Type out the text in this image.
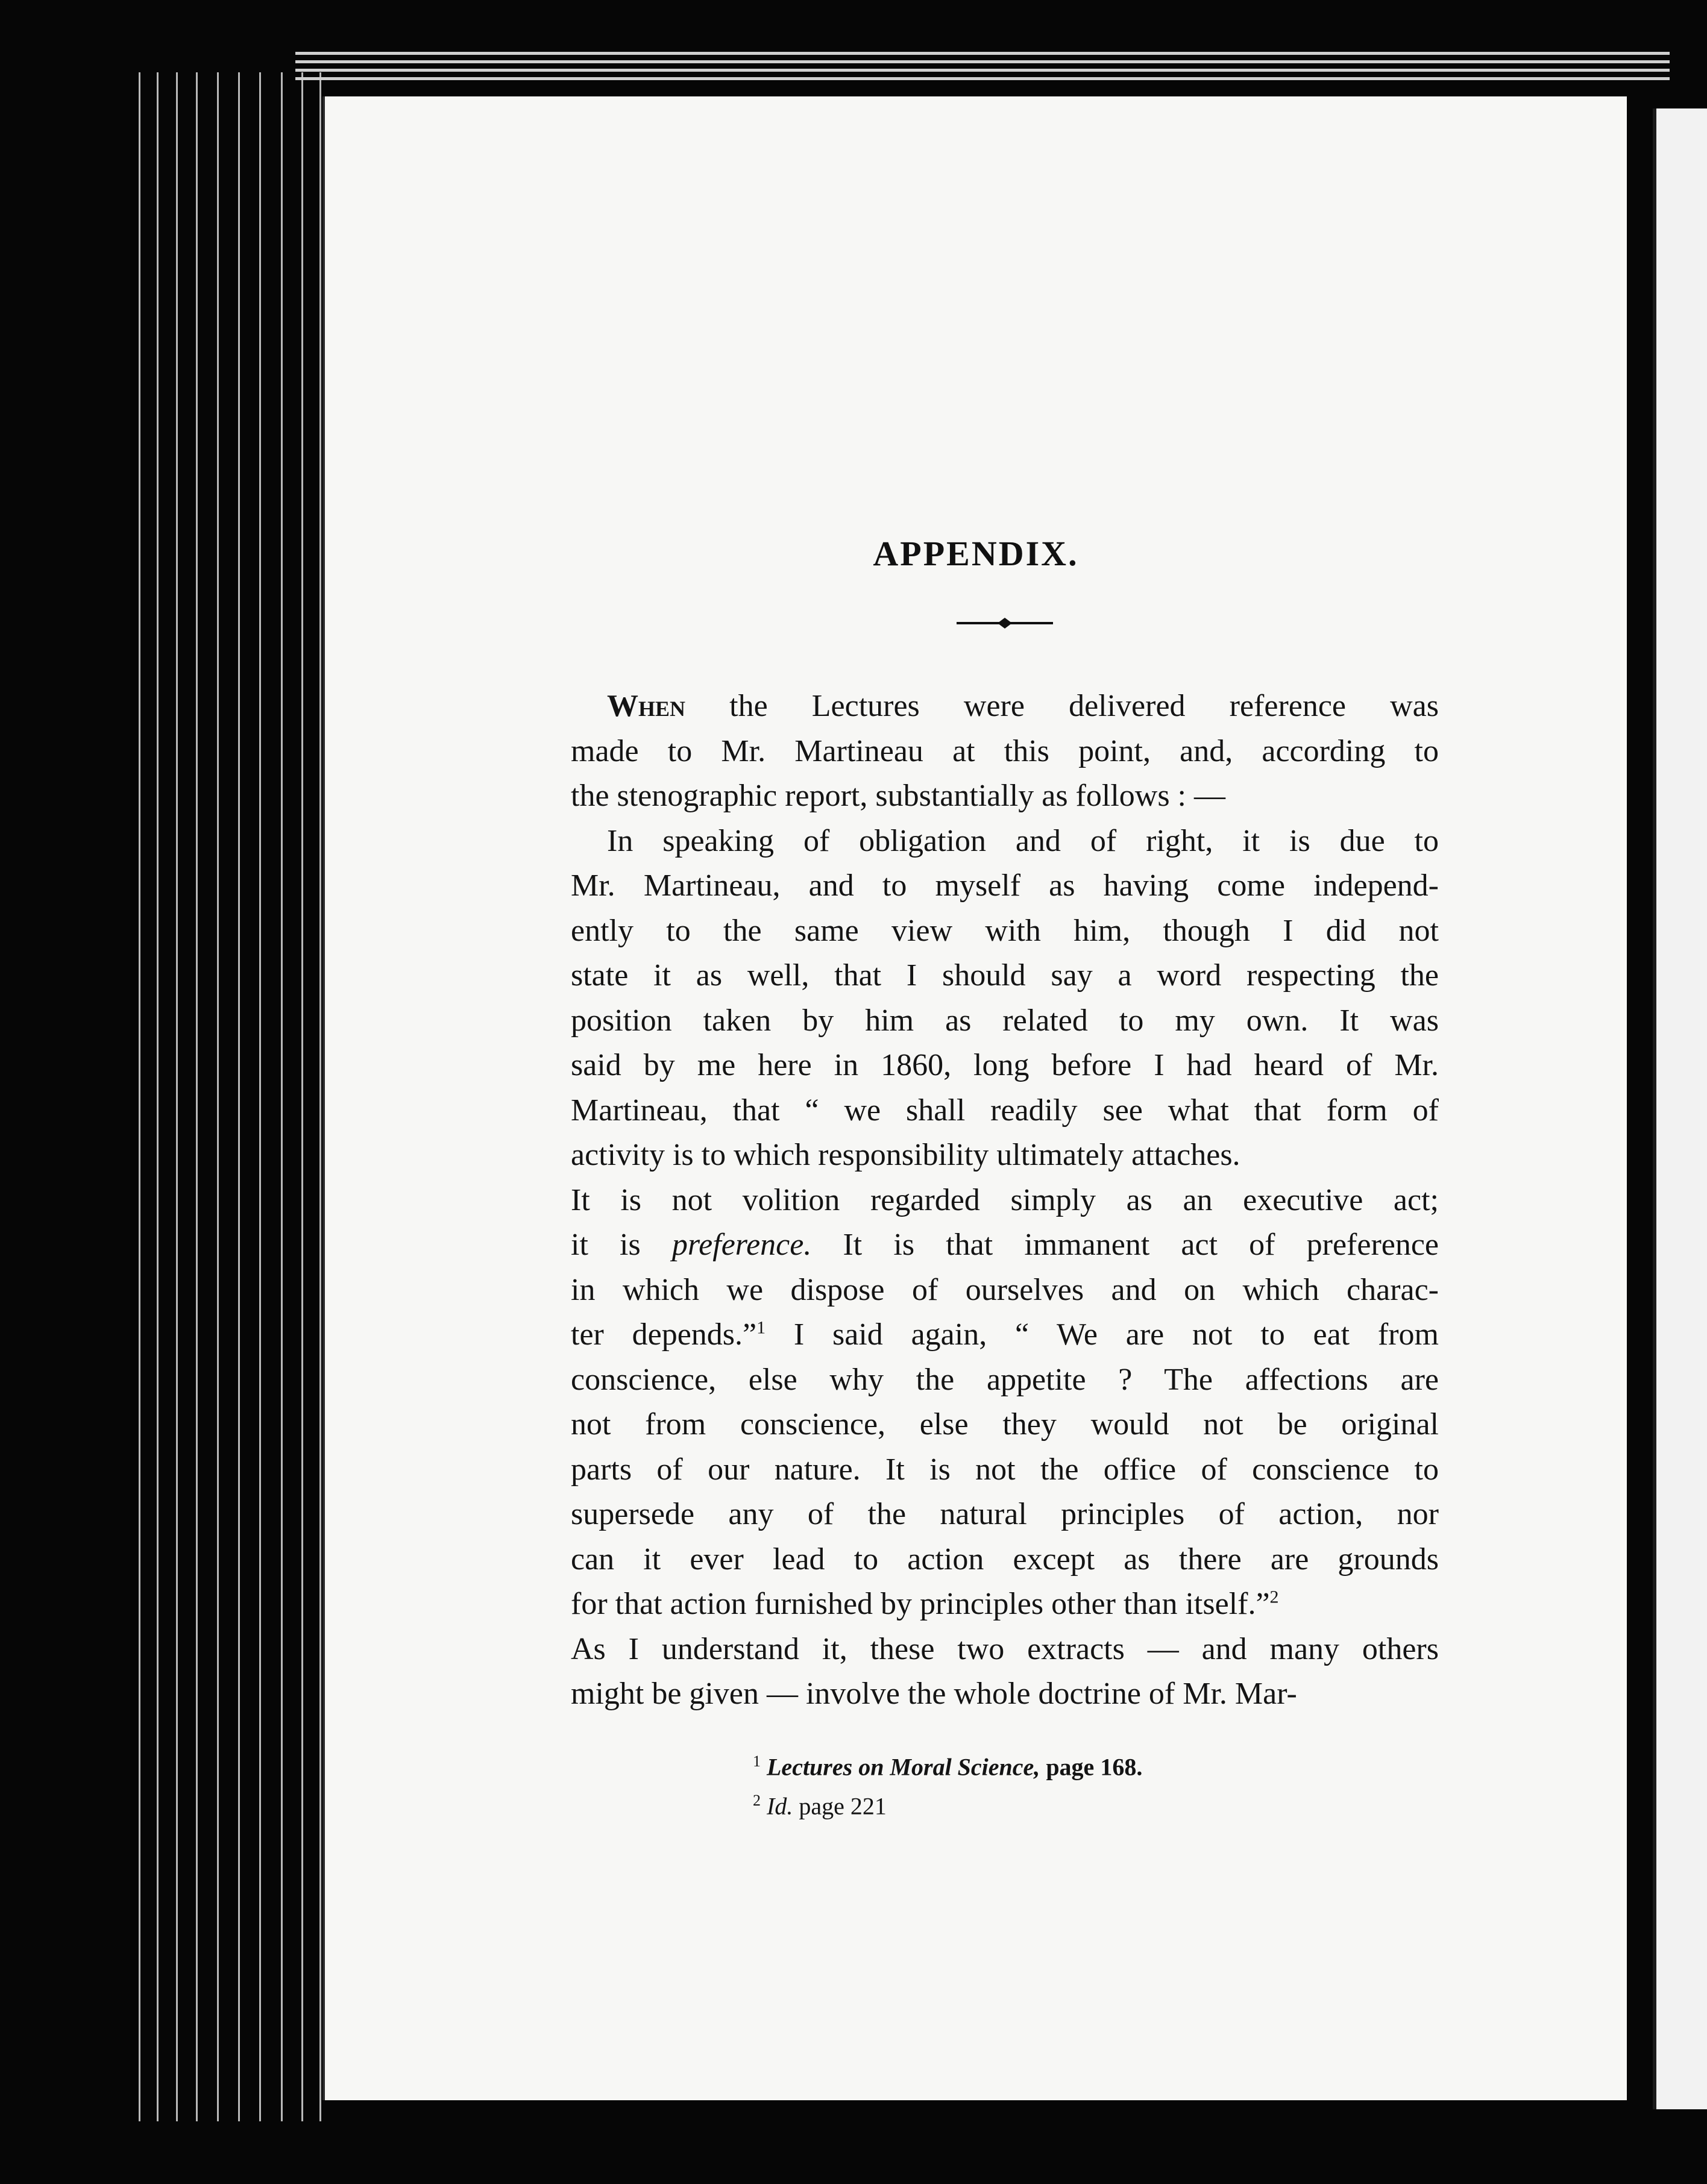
APPENDIX.
When the Lectures were delivered reference was
made to Mr. Martineau at this point, and, according to
the stenographic report, substantially as follows : —
In speaking of obligation and of right, it is due to
Mr. Martineau, and to myself as having come independ-
ently to the same view with him, though I did not
state it as well, that I should say a word respecting the
position taken by him as related to my own. It was
said by me here in 1860, long before I had heard of Mr.
Martineau, that “ we shall readily see what that form of
activity is to which responsibility ultimately attaches.
It is not volition regarded simply as an executive act;
it is preference. It is that immanent act of preference
in which we dispose of ourselves and on which charac-
ter depends.”$^1$ I said again, “ We are not to eat from
conscience, else why the appetite ? The affections are
not from conscience, else they would not be original
parts of our nature. It is not the office of conscience to
supersede any of the natural principles of action, nor
can it ever lead to action except as there are grounds
for that action furnished by principles other than itself.”$^2$
As I understand it, these two extracts — and many others
might be given — involve the whole doctrine of Mr. Mar-
$^1$ Lectures on Moral Science, page 168.
$^2$ Id. page 221
